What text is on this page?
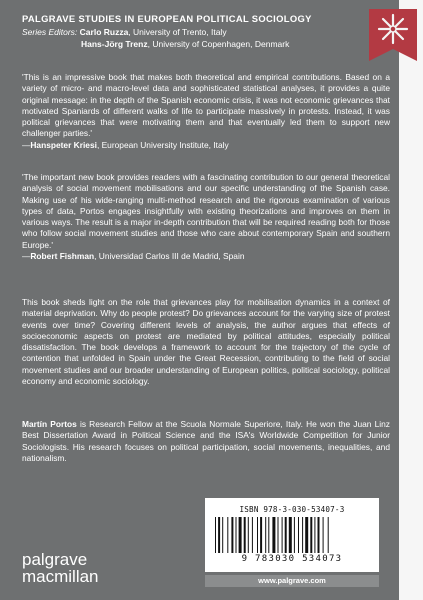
PALGRAVE STUDIES IN EUROPEAN POLITICAL SOCIOLOGY
Series Editors: Carlo Ruzza, University of Trento, Italy
Hans-Jörg Trenz, University of Copenhagen, Denmark
'This is an impressive book that makes both theoretical and empirical contributions. Based on a variety of micro- and macro-level data and sophisticated statistical analyses, it provides a quite original message: in the depth of the Spanish economic crisis, it was not economic grievances that motivated Spaniards of different walks of life to participate massively in protests. Instead, it was political grievances that were motivating them and that eventually led them to support new challenger parties.'
—Hanspeter Kriesi, European University Institute, Italy
'The important new book provides readers with a fascinating contribution to our general theoretical analysis of social movement mobilisations and our specific understanding of the Spanish case. Making use of his wide-ranging multi-method research and the rigorous examination of various types of data, Portos engages insightfully with existing theorizations and improves on them in various ways. The result is a major in-depth contribution that will be required reading both for those who follow social movement studies and those who care about contemporary Spain and southern Europe.'
—Robert Fishman, Universidad Carlos III de Madrid, Spain
This book sheds light on the role that grievances play for mobilisation dynamics in a context of material deprivation. Why do people protest? Do grievances account for the varying size of protest events over time? Covering different levels of analysis, the author argues that effects of socioeconomic aspects on protest are mediated by political attitudes, especially political dissatisfaction. The book develops a framework to account for the trajectory of the cycle of contention that unfolded in Spain under the Great Recession, contributing to the field of social movement studies and our broader understanding of European politics, political sociology, political economy and economic sociology.
Martín Portos is Research Fellow at the Scuola Normale Superiore, Italy. He won the Juan Linz Best Dissertation Award in Political Science and the ISA's Worldwide Competition for Junior Sociologists. His research focuses on political participation, social movements, inequalities, and nationalism.
ISBN 978-3-030-53407-3
9 783030 534073
www.palgrave.com
palgrave
macmillan
